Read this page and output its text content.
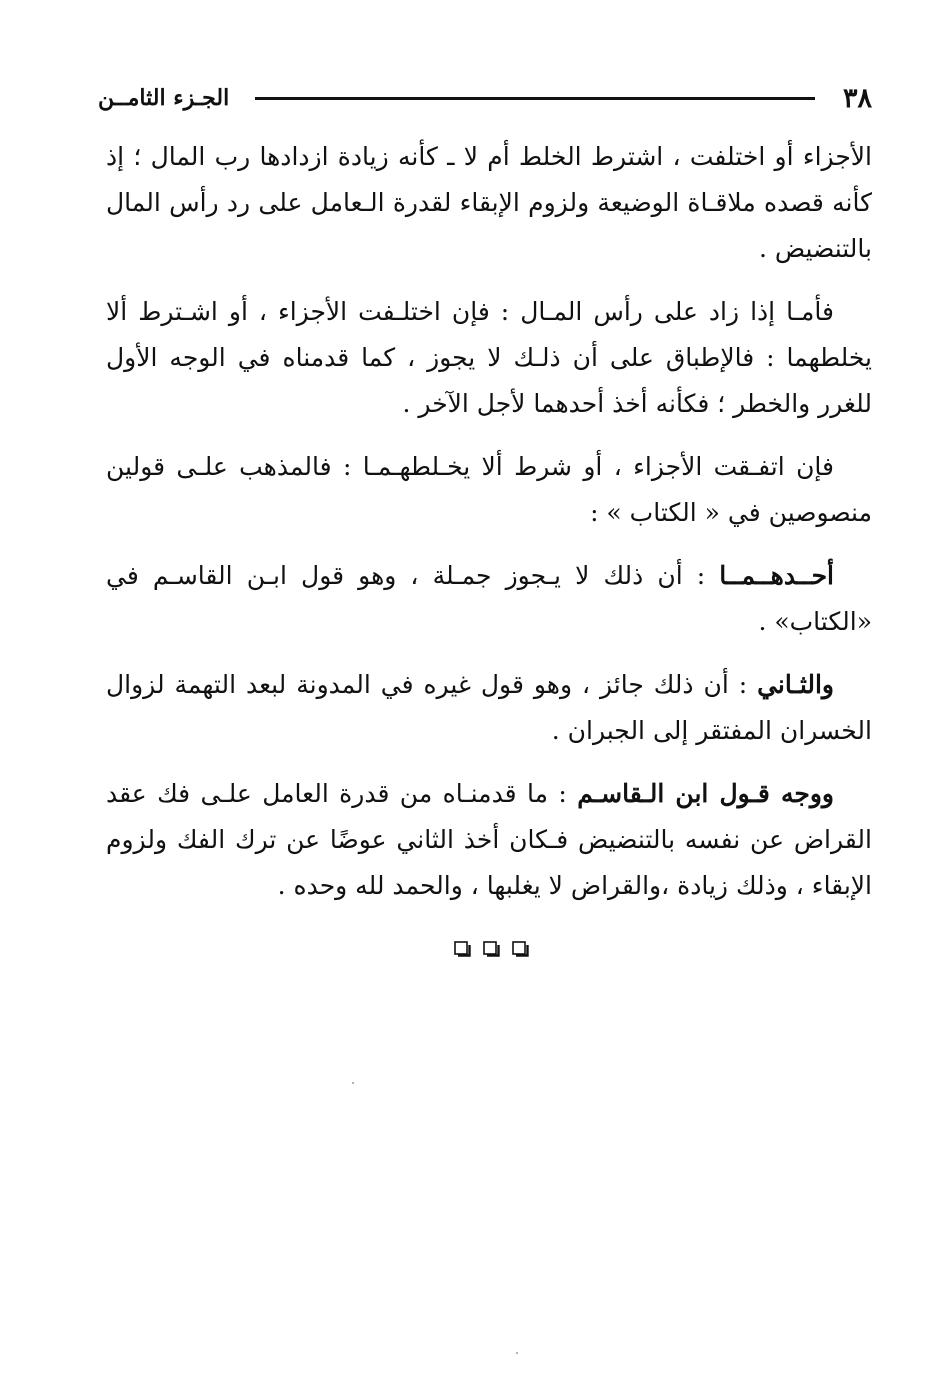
٣٨
الجـزء الثامــن

الأجزاء أو اختلفت ، اشترط الخلط أم لا ـ كأنه زيادة ازدادها رب المال ؛ إذ كأنه قصده ملاقـاة الوضيعة ولزوم الإبقاء لقدرة الـعامل على رد رأس المال بالتنضيض .

فأمـا إذا زاد على رأس المـال : فإن اختلـفت الأجزاء ، أو اشـترط ألا يخلطهما : فالإطباق على أن ذلـك لا يجوز ، كما قدمناه في الوجه الأول للغرر والخطر ؛ فكأنه أخذ أحدهما لأجل الآخر .

فإن اتفـقت الأجزاء ، أو شرط ألا يخـلطهـمـا : فالمذهب علـى قولين منصوصين في « الكتاب » :

أحــدهــمــا : أن ذلك لا يـجوز جمـلة ، وهو قول ابـن القاسـم في «الكتاب» .

والثـاني : أن ذلك جائز ، وهو قول غيره في المدونة لبعد التهمة لزوال الخسران المفتقر إلى الجبران .

ووجه قـول ابن الـقاسـم : ما قدمنـاه من قدرة العامل علـى فك عقد القراض عن نفسه بالتنضيض فـكان أخذ الثاني عوضًا عن ترك الفك ولزوم الإبقاء ، وذلك زيادة ،والقراض لا يغلبها ، والحمد لله وحده .
